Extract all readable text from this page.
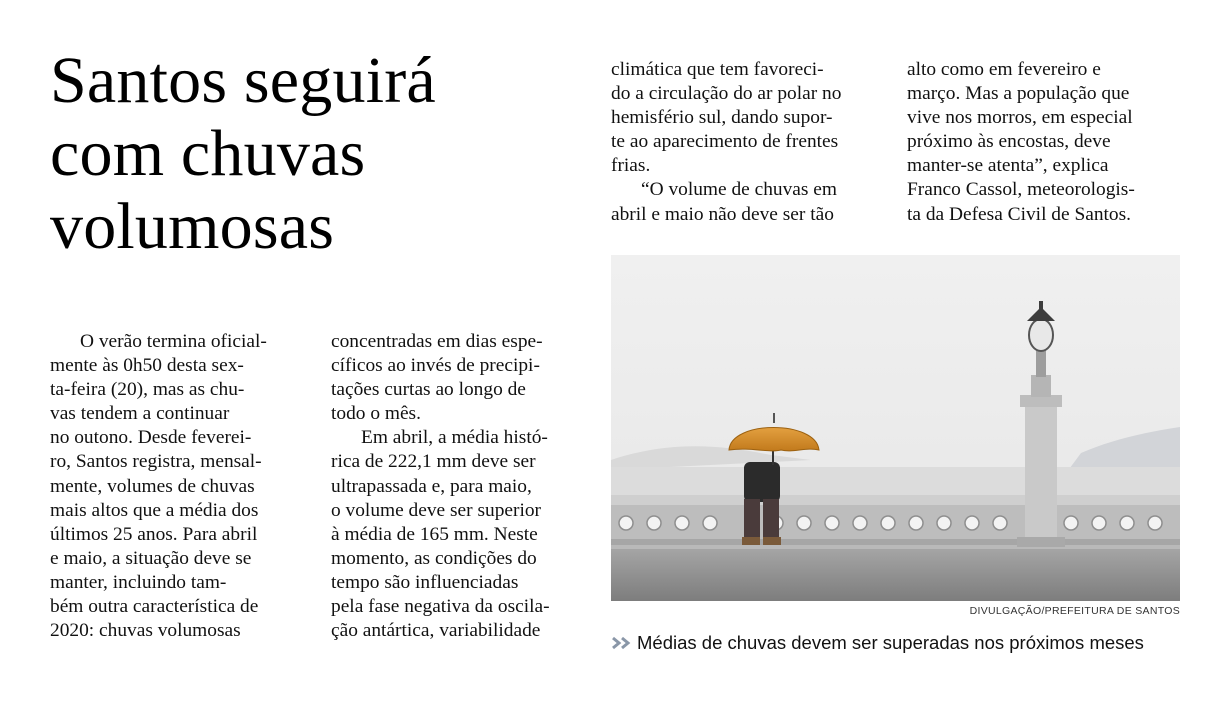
Santos seguirá
com chuvas
volumosas
O verão termina oficial-
mente às 0h50 desta sex-
ta-feira (20), mas as chu-
vas tendem a continuar
no outono. Desde feverei-
ro, Santos registra, mensal-
mente, volumes de chuvas
mais altos que a média dos
últimos 25 anos. Para abril
e maio, a situação deve se
manter, incluindo tam-
bém outra característica de
2020: chuvas volumosas
concentradas em dias espe-
cíficos ao invés de precipi-
tações curtas ao longo de
todo o mês.
Em abril, a média histó-
rica de 222,1 mm deve ser
ultrapassada e, para maio,
o volume deve ser superior
à média de 165 mm. Neste
momento, as condições do
tempo são influenciadas
pela fase negativa da oscila-
ção antártica, variabilidade
climática que tem favoreci-
do a circulação do ar polar no
hemisfério sul, dando supor-
te ao aparecimento de frentes
frias.
“O volume de chuvas em
abril e maio não deve ser tão
alto como em fevereiro e
março. Mas a população que
vive nos morros, em especial
próximo às encostas, deve
manter-se atenta”, explica
Franco Cassol, meteorologis-
ta da Defesa Civil de Santos.
DIVULGAÇÃO/PREFEITURA DE SANTOS
Médias de chuvas devem ser superadas nos próximos meses
